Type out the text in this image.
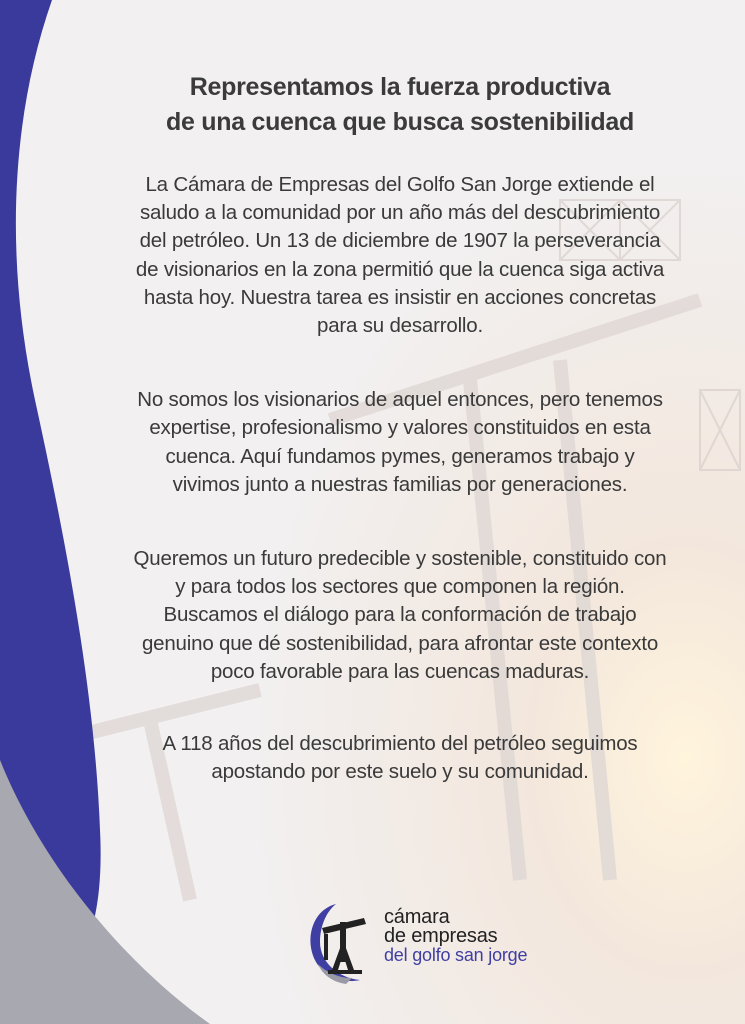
Representamos la fuerza productiva
de una cuenca que busca sostenibilidad

La Cámara de Empresas del Golfo San Jorge extiende el
saludo a la comunidad por un año más del descubrimiento
del petróleo. Un 13 de diciembre de 1907 la perseverancia
de visionarios en la zona permitió que la cuenca siga activa
hasta hoy. Nuestra tarea es insistir en acciones concretas
para su desarrollo.

No somos los visionarios de aquel entonces, pero tenemos
expertise, profesionalismo y valores constituidos en esta
cuenca. Aquí fundamos pymes, generamos trabajo y
vivimos junto a nuestras familias por generaciones.

Queremos un futuro predecible y sostenible, constituido con
y para todos los sectores que componen la región.
Buscamos el diálogo para la conformación de trabajo
genuino que dé sostenibilidad, para afrontar este contexto
poco favorable para las cuencas maduras.

A 118 años del descubrimiento del petróleo seguimos
apostando por este suelo y su comunidad.

cámara
de empresas
del golfo san jorge
